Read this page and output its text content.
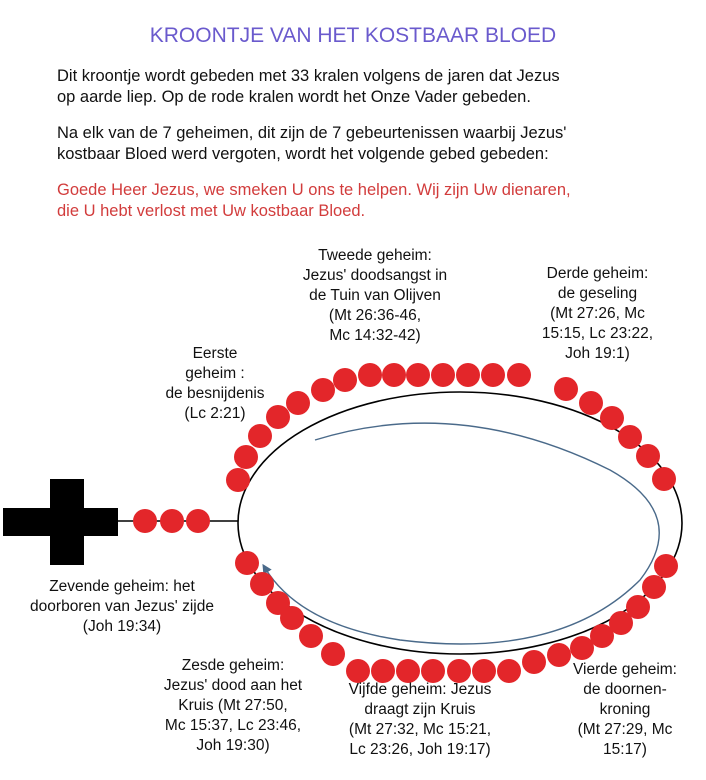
KROONTJE VAN HET KOSTBAAR BLOED
Dit kroontje wordt gebeden met 33 kralen volgens de jaren dat Jezus
op aarde liep. Op de rode kralen wordt het Onze Vader gebeden.
Na elk van de 7 geheimen, dit zijn de 7 gebeurtenissen waarbij Jezus'
kostbaar Bloed werd vergoten, wordt het volgende gebed gebeden:
Goede Heer Jezus, we smeken U ons te helpen. Wij zijn Uw dienaren,
die U hebt verlost met Uw kostbaar Bloed.
Eerste
geheim :
de besnijdenis
(Lc 2:21)
Tweede geheim:
Jezus' doodsangst in
de Tuin van Olijven
(Mt 26:36-46,
Mc 14:32-42)
Derde geheim:
de geseling
(Mt 27:26, Mc
15:15, Lc 23:22,
Joh 19:1)
Vierde geheim:
de doornen-
kroning
(Mt 27:29, Mc
15:17)
Vijfde geheim: Jezus
draagt zijn Kruis
(Mt 27:32, Mc 15:21,
Lc 23:26, Joh 19:17)
Zesde geheim:
Jezus' dood aan het
Kruis (Mt 27:50,
Mc 15:37, Lc 23:46,
Joh 19:30)
Zevende geheim: het
doorboren van Jezus' zijde
(Joh 19:34)
